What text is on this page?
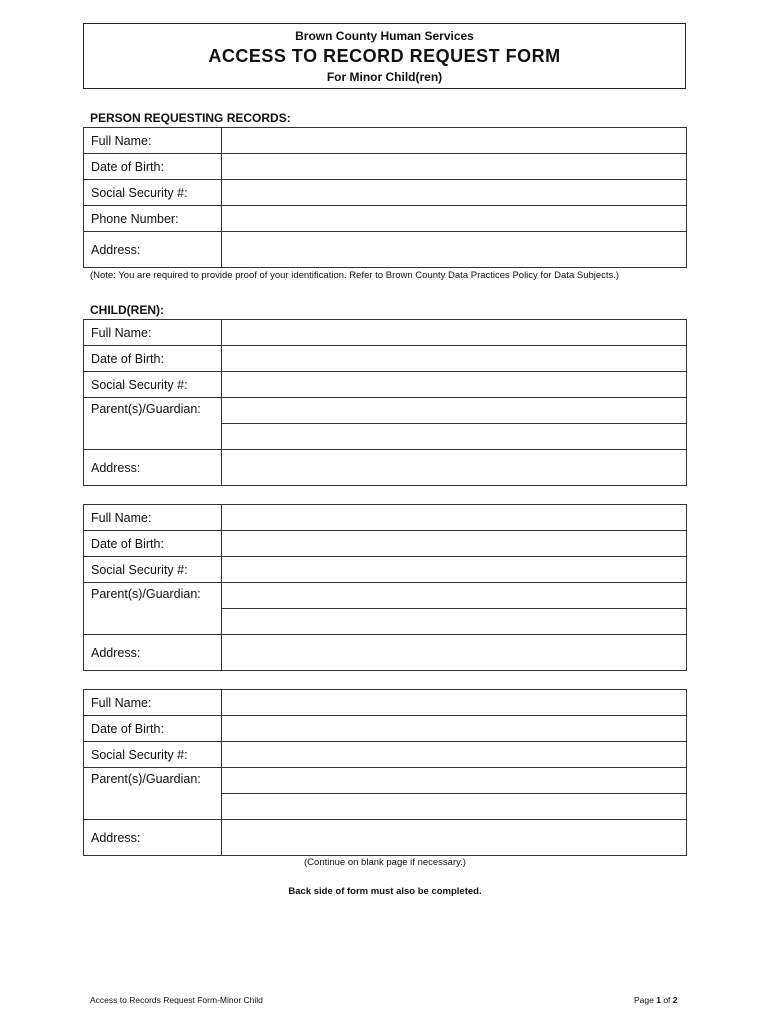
Brown County Human Services
ACCESS TO RECORD REQUEST FORM
For Minor Child(ren)
PERSON REQUESTING RECORDS:
Full Name:	
Date of Birth:	
Social Security #:	
Phone Number:	
Address:	
(Note: You are required to provide proof of your identification. Refer to Brown County Data Practices Policy for Data Subjects.)
CHILD(REN):
Full Name:	
Date of Birth:	
Social Security #:	
Parent(s)/Guardian:	

Address:	
Full Name:	
Date of Birth:	
Social Security #:	
Parent(s)/Guardian:	

Address:	
Full Name:	
Date of Birth:	
Social Security #:	
Parent(s)/Guardian:	

Address:	
(Continue on blank page if necessary.)
Back side of form must also be completed.
Access to Records Request Form-Minor Child	Page 1 of 2
